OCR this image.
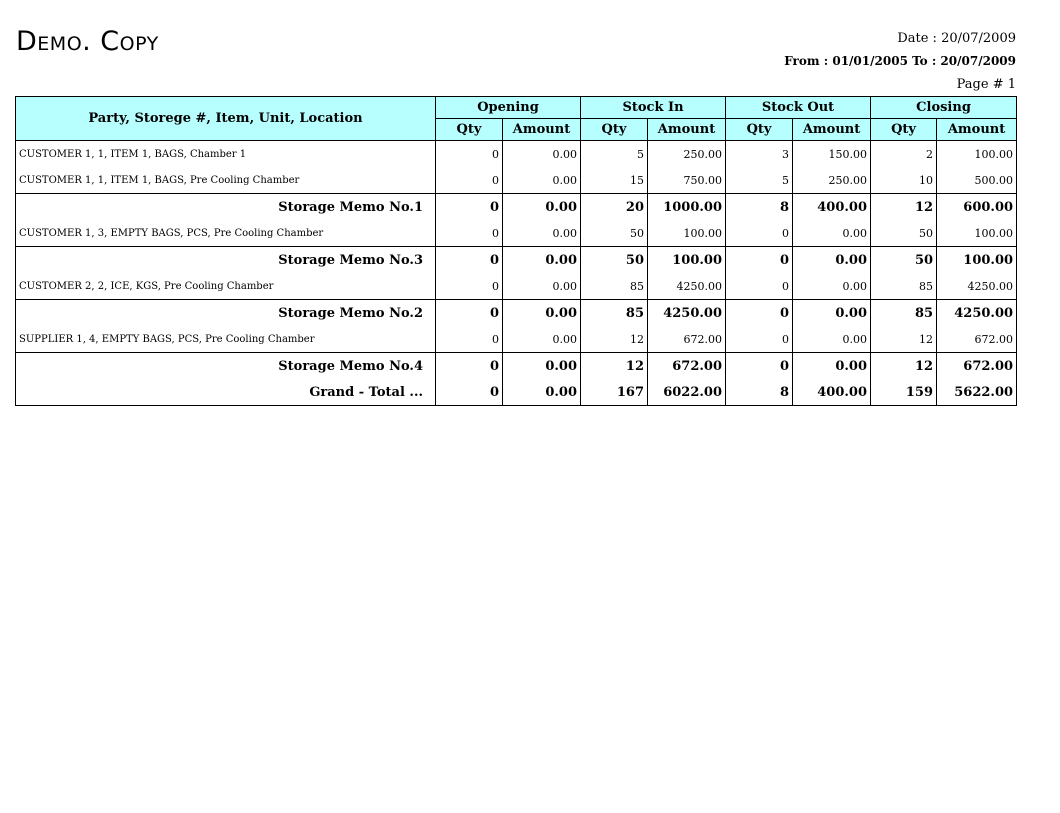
Demo. Copy	Date : 20/07/2009
From : 01/01/2005 To : 20/07/2009
Page # 1
Party, Storege #, Item, Unit, Location	Opening		Stock In		Stock Out		Closing	
	Qty	Amount	Qty	Amount	Qty	Amount	Qty	Amount
CUSTOMER 1, 1, ITEM 1, BAGS, Chamber 1	0	0.00	5	250.00	3	150.00	2	100.00
CUSTOMER 1, 1, ITEM 1, BAGS, Pre Cooling Chamber	0	0.00	15	750.00	5	250.00	10	500.00
Storage Memo No.1	0	0.00	20	1000.00	8	400.00	12	600.00
CUSTOMER 1, 3, EMPTY BAGS, PCS, Pre Cooling Chamber	0	0.00	50	100.00	0	0.00	50	100.00
Storage Memo No.3	0	0.00	50	100.00	0	0.00	50	100.00
CUSTOMER 2, 2, ICE, KGS, Pre Cooling Chamber	0	0.00	85	4250.00	0	0.00	85	4250.00
Storage Memo No.2	0	0.00	85	4250.00	0	0.00	85	4250.00
SUPPLIER 1, 4, EMPTY BAGS, PCS, Pre Cooling Chamber	0	0.00	12	672.00	0	0.00	12	672.00
Storage Memo No.4	0	0.00	12	672.00	0	0.00	12	672.00
Grand - Total ...	0	0.00	167	6022.00	8	400.00	159	5622.00
